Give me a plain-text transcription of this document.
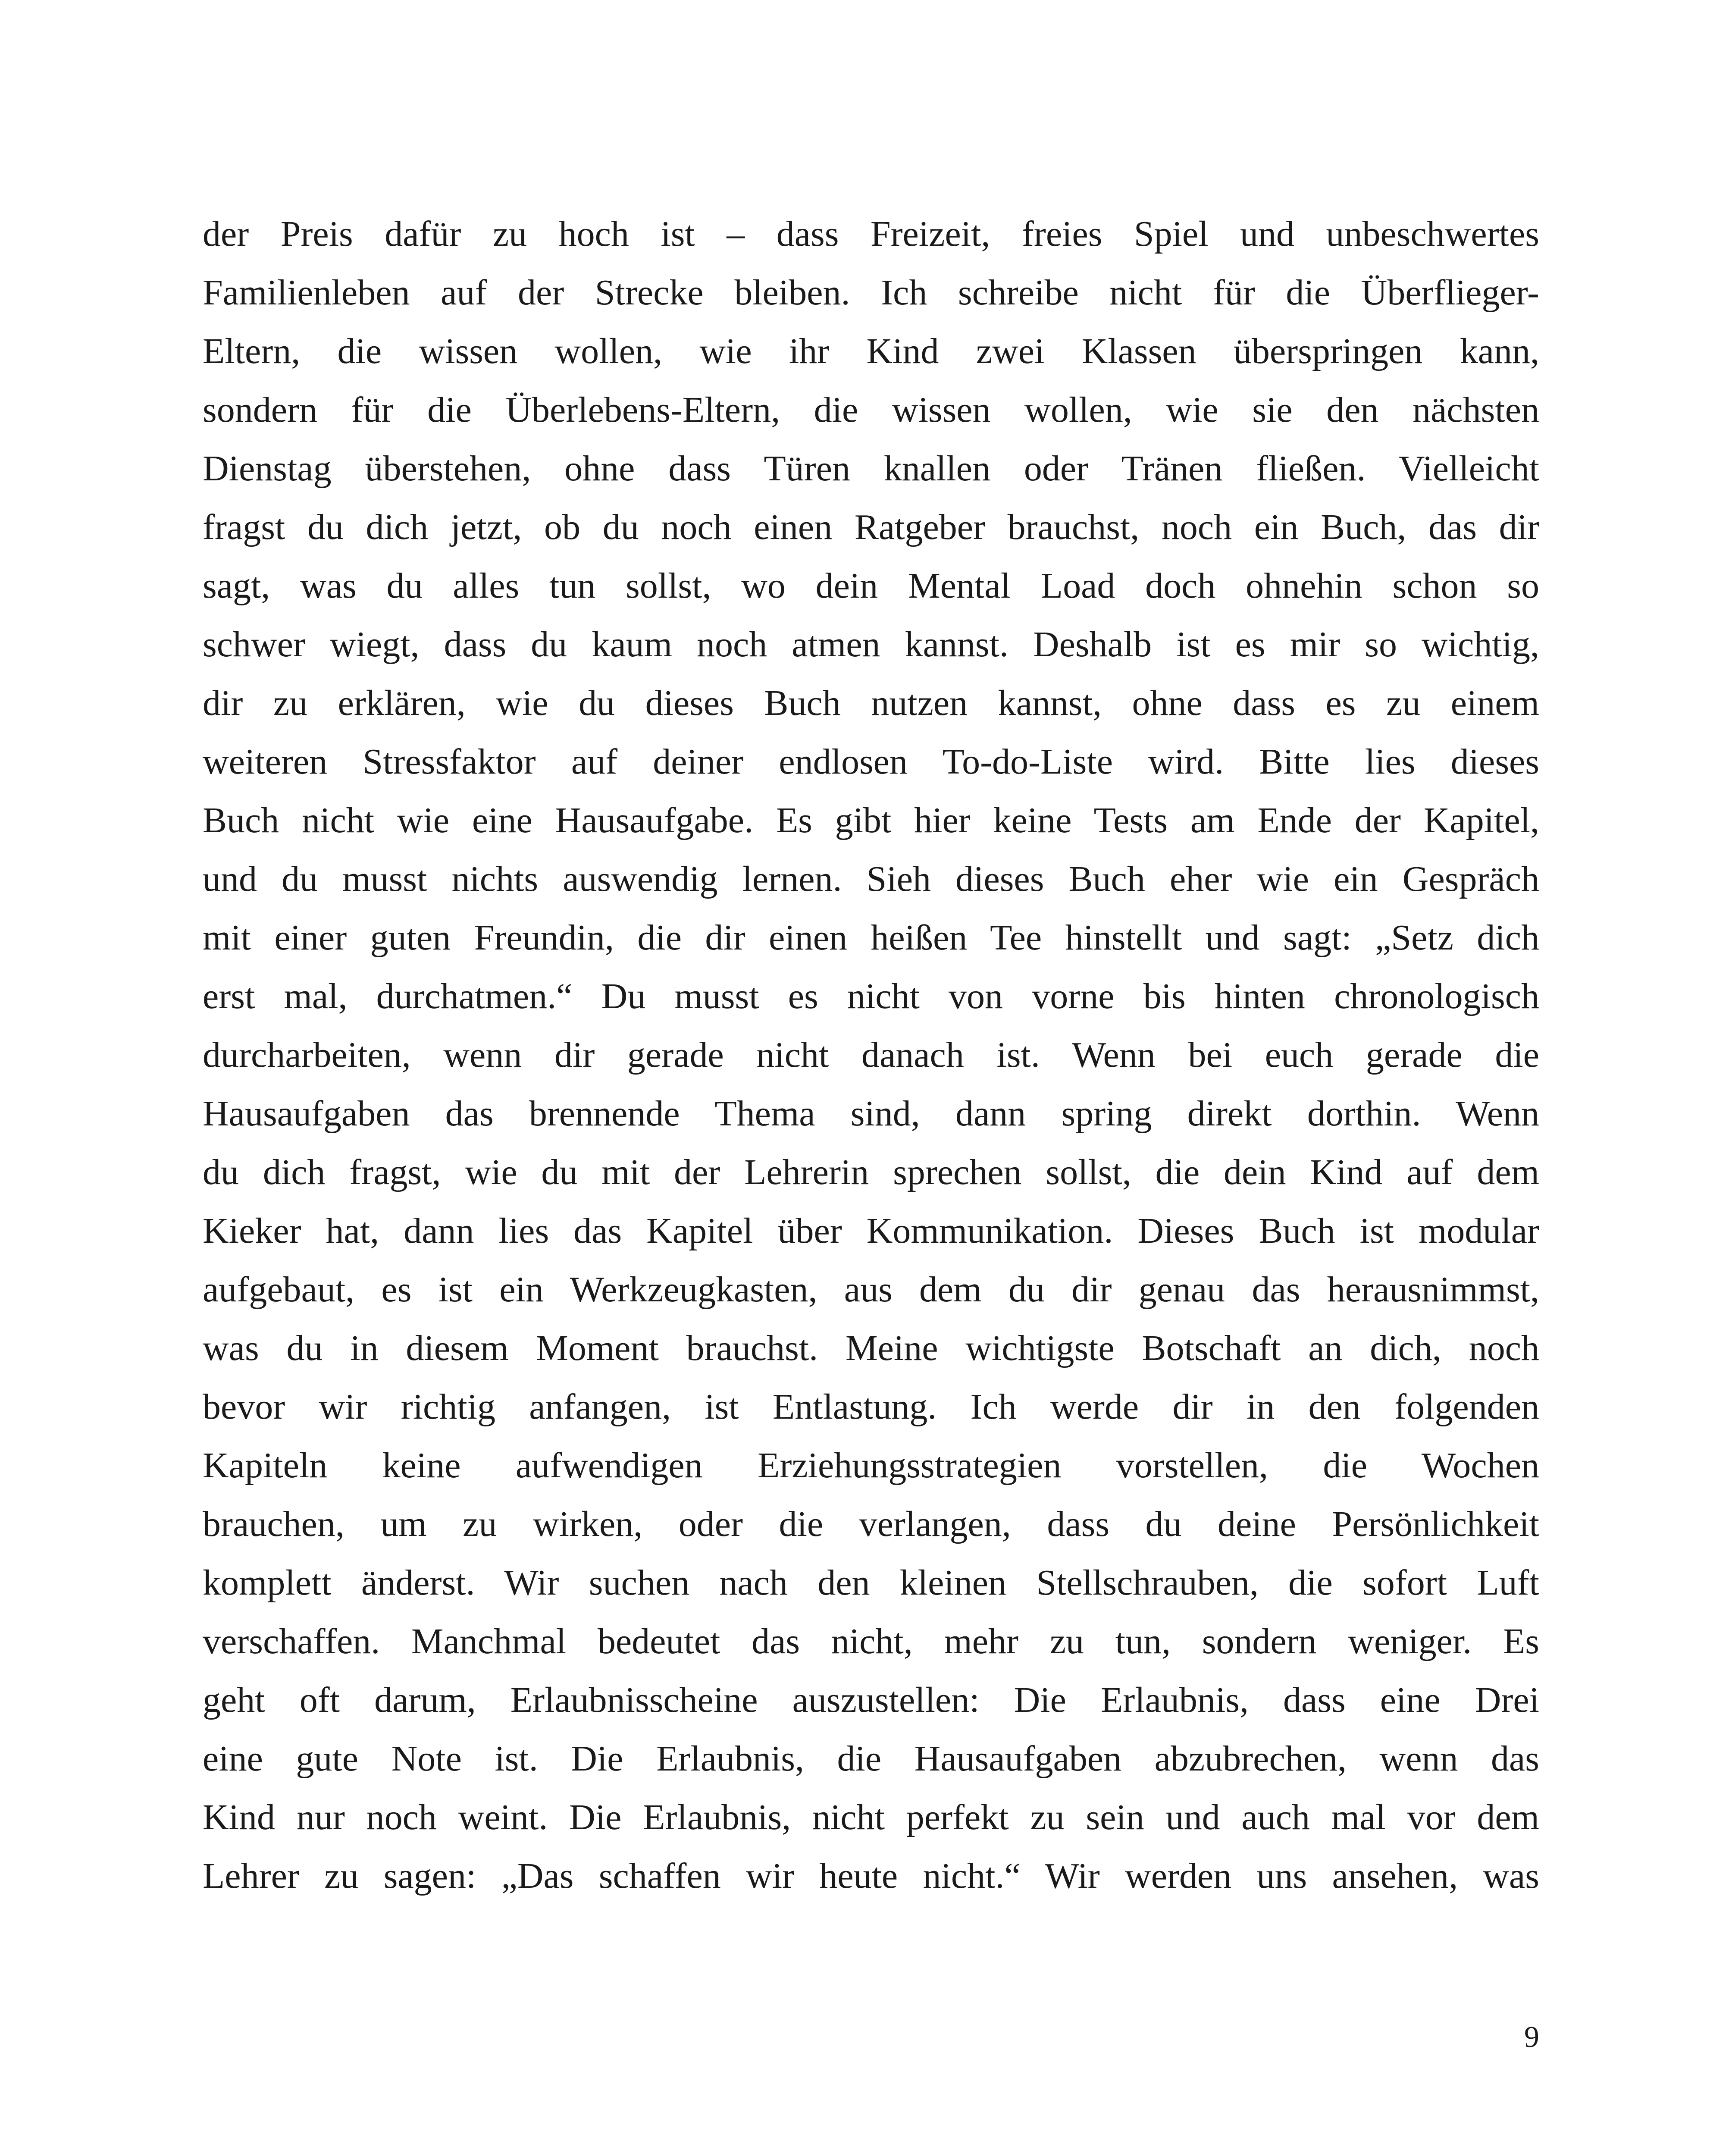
der Preis dafür zu hoch ist – dass Freizeit, freies Spiel und unbeschwertes
Familienleben auf der Strecke bleiben. Ich schreibe nicht für die Überflieger-
Eltern, die wissen wollen, wie ihr Kind zwei Klassen überspringen kann,
sondern für die Überlebens-Eltern, die wissen wollen, wie sie den nächsten
Dienstag überstehen, ohne dass Türen knallen oder Tränen fließen. Vielleicht
fragst du dich jetzt, ob du noch einen Ratgeber brauchst, noch ein Buch, das dir
sagt, was du alles tun sollst, wo dein Mental Load doch ohnehin schon so
schwer wiegt, dass du kaum noch atmen kannst. Deshalb ist es mir so wichtig,
dir zu erklären, wie du dieses Buch nutzen kannst, ohne dass es zu einem
weiteren Stressfaktor auf deiner endlosen To-do-Liste wird. Bitte lies dieses
Buch nicht wie eine Hausaufgabe. Es gibt hier keine Tests am Ende der Kapitel,
und du musst nichts auswendig lernen. Sieh dieses Buch eher wie ein Gespräch
mit einer guten Freundin, die dir einen heißen Tee hinstellt und sagt: „Setz dich
erst mal, durchatmen.“ Du musst es nicht von vorne bis hinten chronologisch
durcharbeiten, wenn dir gerade nicht danach ist. Wenn bei euch gerade die
Hausaufgaben das brennende Thema sind, dann spring direkt dorthin. Wenn
du dich fragst, wie du mit der Lehrerin sprechen sollst, die dein Kind auf dem
Kieker hat, dann lies das Kapitel über Kommunikation. Dieses Buch ist modular
aufgebaut, es ist ein Werkzeugkasten, aus dem du dir genau das herausnimmst,
was du in diesem Moment brauchst. Meine wichtigste Botschaft an dich, noch
bevor wir richtig anfangen, ist Entlastung. Ich werde dir in den folgenden
Kapiteln keine aufwendigen Erziehungsstrategien vorstellen, die Wochen
brauchen, um zu wirken, oder die verlangen, dass du deine Persönlichkeit
komplett änderst. Wir suchen nach den kleinen Stellschrauben, die sofort Luft
verschaffen. Manchmal bedeutet das nicht, mehr zu tun, sondern weniger. Es
geht oft darum, Erlaubnisscheine auszustellen: Die Erlaubnis, dass eine Drei
eine gute Note ist. Die Erlaubnis, die Hausaufgaben abzubrechen, wenn das
Kind nur noch weint. Die Erlaubnis, nicht perfekt zu sein und auch mal vor dem
Lehrer zu sagen: „Das schaffen wir heute nicht.“ Wir werden uns ansehen, was
9
